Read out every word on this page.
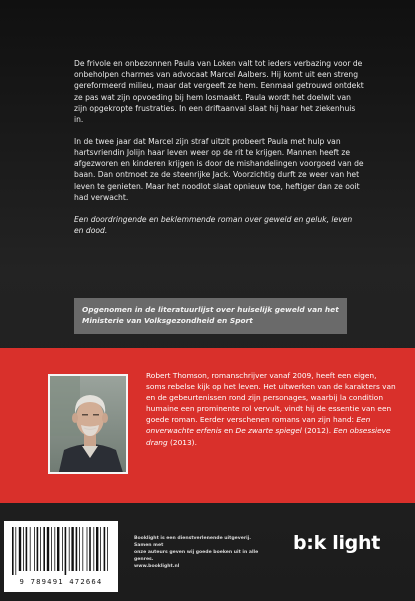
De frivole en onbezonnen Paula van Loken valt tot ieders verbazing voor de onbeholpen charmes van advocaat Marcel Aalbers. Hij komt uit een streng gereformeerd milieu, maar dat vergeeft ze hem. Eenmaal getrouwd ontdekt ze pas wat zijn opvoeding bij hem losmaakt. Paula wordt het doelwit van zijn opgekropte frustraties. In een driftaanval slaat hij haar het ziekenhuis in.

In de twee jaar dat Marcel zijn straf uitzit probeert Paula met hulp van hartsvriendin Jolijn haar leven weer op de rit te krijgen. Mannen heeft ze afgezworen en kinderen krijgen is door de mishandelingen voorgoed van de baan. Dan ontmoet ze de steenrijke Jack. Voorzichtig durft ze weer van het leven te genieten. Maar het noodlot slaat opnieuw toe, heftiger dan ze ooit had verwacht.

Een doordringende en beklemmende roman over geweld en geluk, leven en dood.

Opgenomen in de literatuurlijst over huiselijk geweld van het Ministerie van Volksgezondheid en Sport
Robert Thomson, romanschrijver vanaf 2009, heeft een eigen, soms rebelse kijk op het leven. Het uitwerken van de karakters van en de gebeurtenissen rond zijn personages, waarbij la condition humaine een prominente rol vervult, vindt hij de essentie van een goede roman. Eerder verschenen romans van zijn hand: Een onverwachte erfenis en De zwarte spiegel (2012). Een obsessieve drang (2013).
9 789491 472664
Booklight is een dienstverlenende uitgeverij. Samen met
onze auteurs geven wij goede boeken uit in alle genres.
www.booklight.nl
b:k light
